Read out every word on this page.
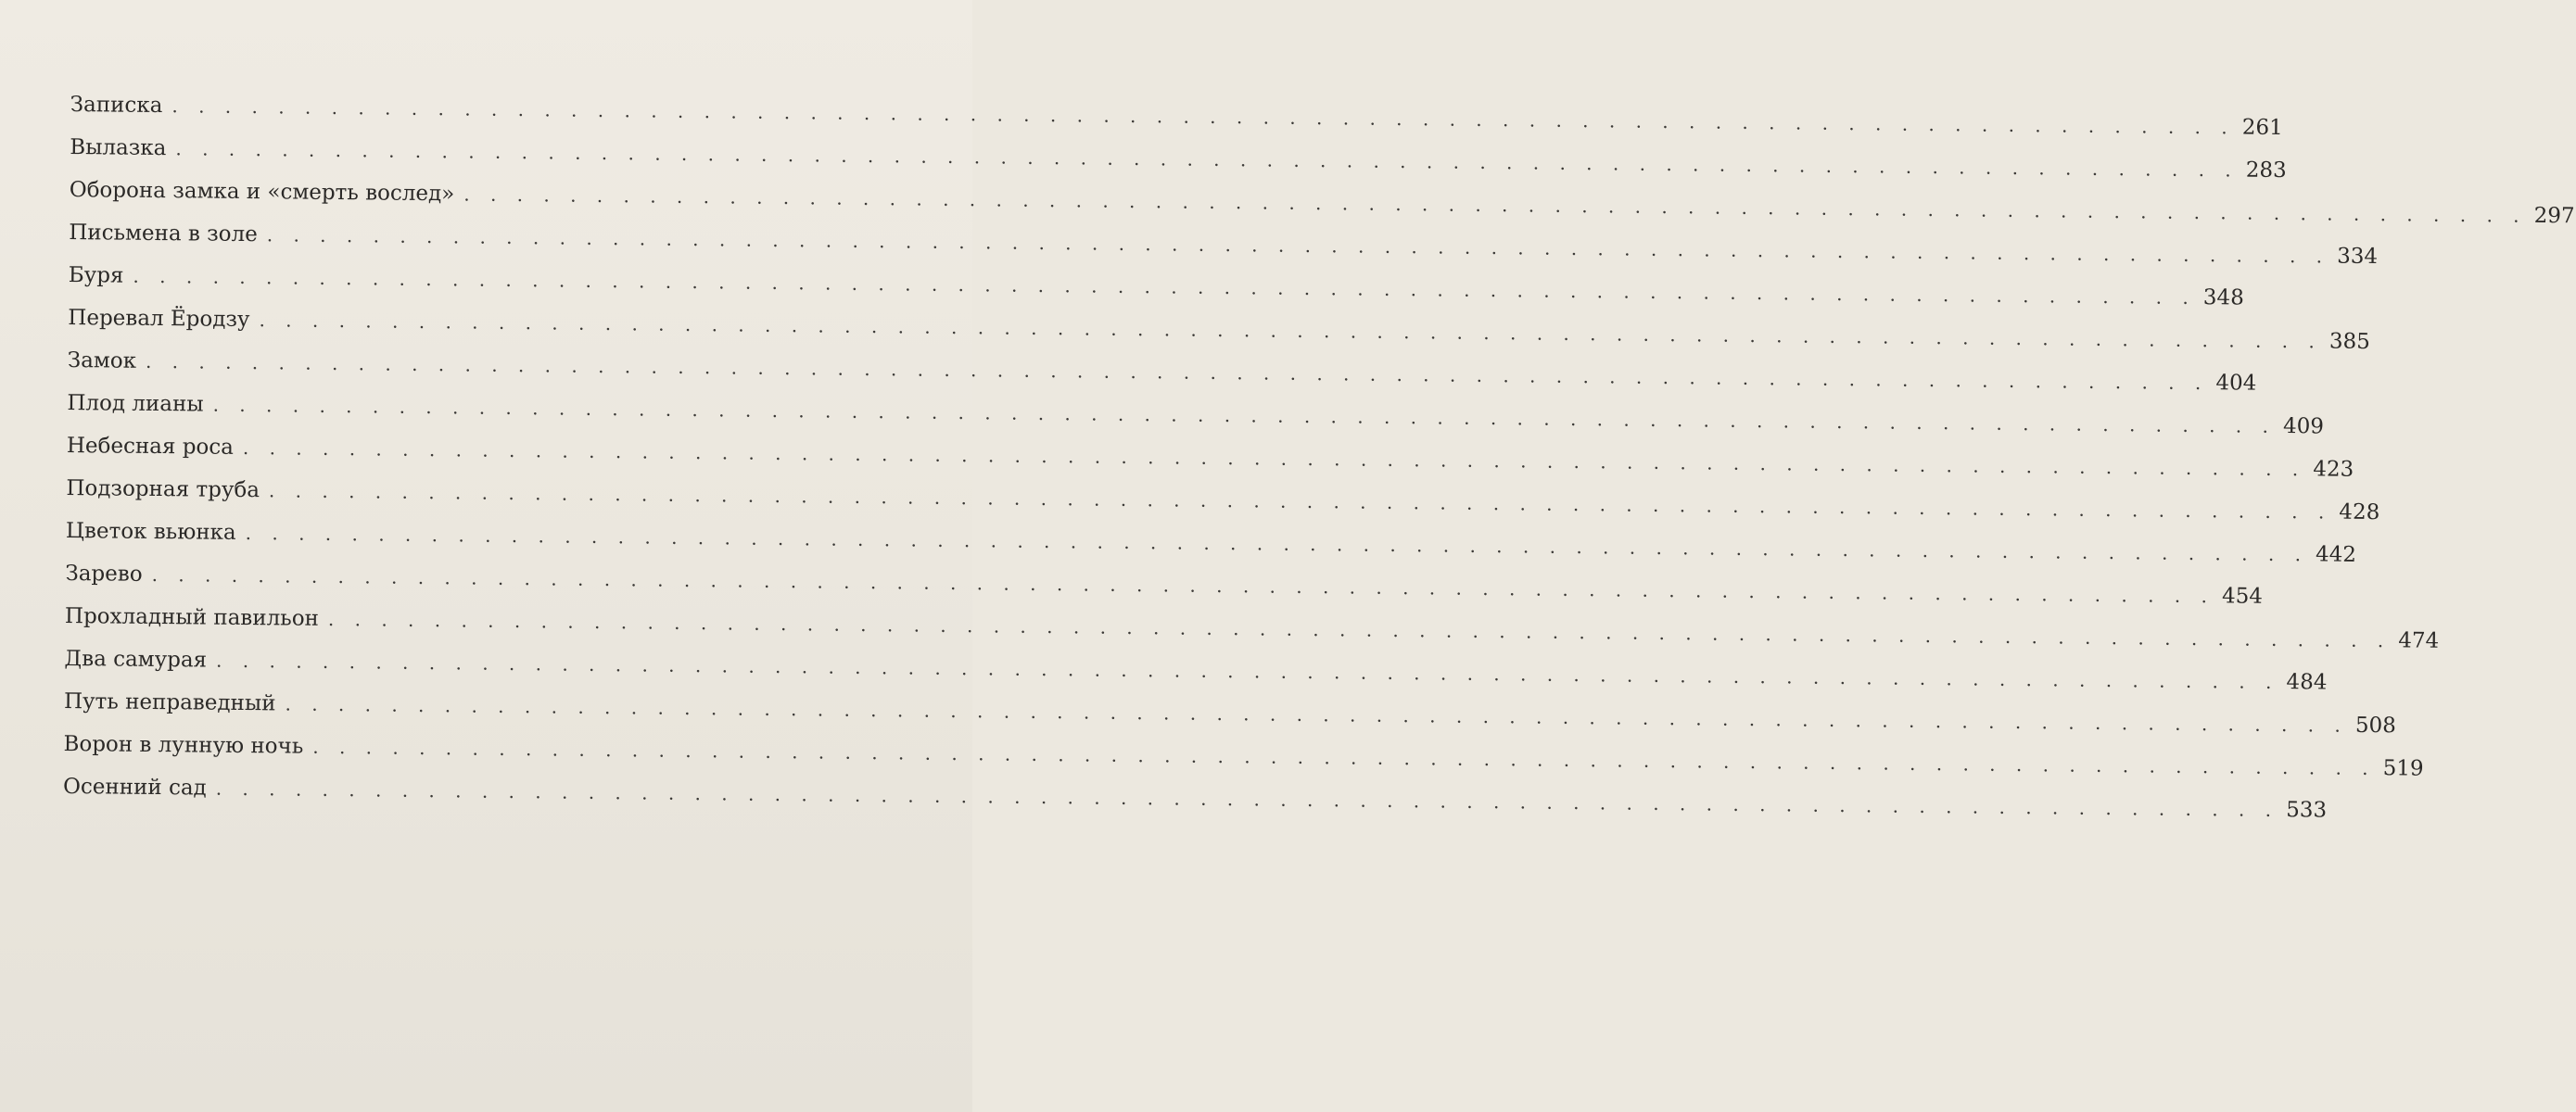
Записка . . . . . . . . . . . . . . . . . . . . . . . . . . . . . . . . . . . . . . . . . . . . . . . . . . . . . . . . . . . . . . . . . . . . . . . . . . . . . . 261
Вылазка . . . . . . . . . . . . . . . . . . . . . . . . . . . . . . . . . . . . . . . . . . . . . . . . . . . . . . . . . . . . . . . . . . . . . . . . . . . . . . 283
Оборона замка и «смерть вослед» . . . . . . . . . . . . . . . . . . . . . . . . . . . . . . . . . . . . . . . . . . . . . . . . . . . . . . . . . . . . . . . . . . . . . . . . . . . . . . 297
Письмена в золе . . . . . . . . . . . . . . . . . . . . . . . . . . . . . . . . . . . . . . . . . . . . . . . . . . . . . . . . . . . . . . . . . . . . . . . . . . . . . . 334
Буря . . . . . . . . . . . . . . . . . . . . . . . . . . . . . . . . . . . . . . . . . . . . . . . . . . . . . . . . . . . . . . . . . . . . . . . . . . . . . . 348
Перевал Ёродзу . . . . . . . . . . . . . . . . . . . . . . . . . . . . . . . . . . . . . . . . . . . . . . . . . . . . . . . . . . . . . . . . . . . . . . . . . . . . . . 385
Замок . . . . . . . . . . . . . . . . . . . . . . . . . . . . . . . . . . . . . . . . . . . . . . . . . . . . . . . . . . . . . . . . . . . . . . . . . . . . . . 404
Плод лианы . . . . . . . . . . . . . . . . . . . . . . . . . . . . . . . . . . . . . . . . . . . . . . . . . . . . . . . . . . . . . . . . . . . . . . . . . . . . . . 409
Небесная роса . . . . . . . . . . . . . . . . . . . . . . . . . . . . . . . . . . . . . . . . . . . . . . . . . . . . . . . . . . . . . . . . . . . . . . . . . . . . . . 423
Подзорная труба . . . . . . . . . . . . . . . . . . . . . . . . . . . . . . . . . . . . . . . . . . . . . . . . . . . . . . . . . . . . . . . . . . . . . . . . . . . . . . 428
Цветок вьюнка . . . . . . . . . . . . . . . . . . . . . . . . . . . . . . . . . . . . . . . . . . . . . . . . . . . . . . . . . . . . . . . . . . . . . . . . . . . . . . 442
Зарево . . . . . . . . . . . . . . . . . . . . . . . . . . . . . . . . . . . . . . . . . . . . . . . . . . . . . . . . . . . . . . . . . . . . . . . . . . . . . . 454
Прохладный павильон . . . . . . . . . . . . . . . . . . . . . . . . . . . . . . . . . . . . . . . . . . . . . . . . . . . . . . . . . . . . . . . . . . . . . . . . . . . . . . 474
Два самурая . . . . . . . . . . . . . . . . . . . . . . . . . . . . . . . . . . . . . . . . . . . . . . . . . . . . . . . . . . . . . . . . . . . . . . . . . . . . . . 484
Путь неправедный . . . . . . . . . . . . . . . . . . . . . . . . . . . . . . . . . . . . . . . . . . . . . . . . . . . . . . . . . . . . . . . . . . . . . . . . . . . . . . 508
Ворон в лунную ночь . . . . . . . . . . . . . . . . . . . . . . . . . . . . . . . . . . . . . . . . . . . . . . . . . . . . . . . . . . . . . . . . . . . . . . . . . . . . . . 519
Осенний сад . . . . . . . . . . . . . . . . . . . . . . . . . . . . . . . . . . . . . . . . . . . . . . . . . . . . . . . . . . . . . . . . . . . . . . . . . . . . . . 533
